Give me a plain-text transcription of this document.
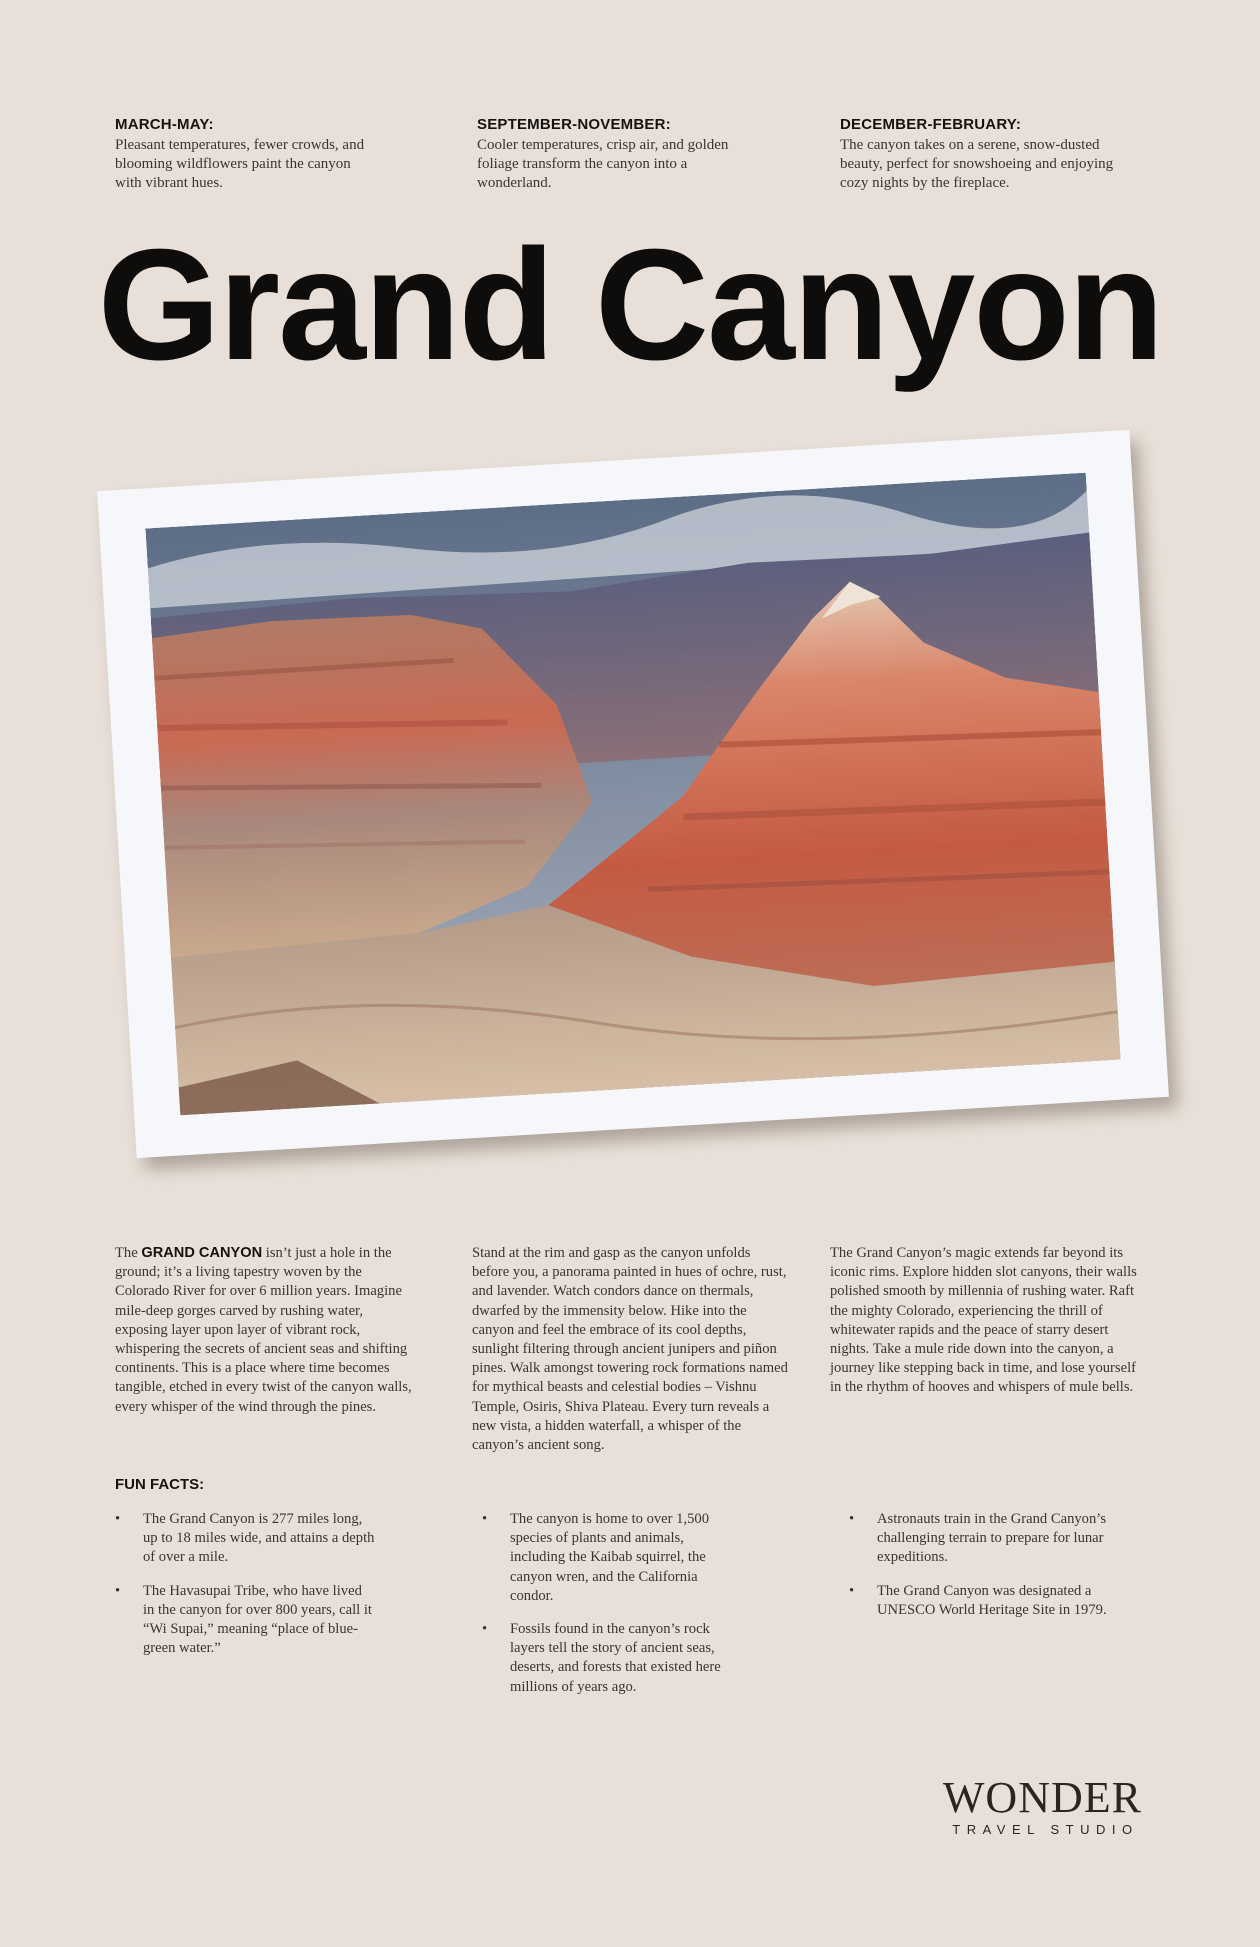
MARCH-MAY:
Pleasant temperatures, fewer crowds, and blooming wildflowers paint the canyon with vibrant hues.
SEPTEMBER-NOVEMBER:
Cooler temperatures, crisp air, and golden foliage transform the canyon into a wonderland.
DECEMBER-FEBRUARY:
The canyon takes on a serene, snow-dusted beauty, perfect for snowshoeing and enjoying cozy nights by the fireplace.
Grand Canyon
The GRAND CANYON isn’t just a hole in the ground; it’s a living tapestry woven by the Colorado River for over 6 million years. Imagine mile-deep gorges carved by rushing water, exposing layer upon layer of vibrant rock, whispering the secrets of ancient seas and shifting continents. This is a place where time becomes tangible, etched in every twist of the canyon walls, every whisper of the wind through the pines.
Stand at the rim and gasp as the canyon unfolds before you, a panorama painted in hues of ochre, rust, and lavender. Watch condors dance on thermals, dwarfed by the immensity below. Hike into the canyon and feel the embrace of its cool depths, sunlight filtering through ancient junipers and piñon pines. Walk amongst towering rock formations named for mythical beasts and celestial bodies – Vishnu Temple, Osiris, Shiva Plateau. Every turn reveals a new vista, a hidden waterfall, a whisper of the canyon’s ancient song.
The Grand Canyon’s magic extends far beyond its iconic rims. Explore hidden slot canyons, their walls polished smooth by millennia of rushing water. Raft the mighty Colorado, experiencing the thrill of whitewater rapids and the peace of starry desert nights. Take a mule ride down into the canyon, a journey like stepping back in time, and lose yourself in the rhythm of hooves and whispers of mule bells.
FUN FACTS:
• The Grand Canyon is 277 miles long, up to 18 miles wide, and attains a depth of over a mile.
• The Havasupai Tribe, who have lived in the canyon for over 800 years, call it “Wi Supai,” meaning “place of blue-green water.”
• The canyon is home to over 1,500 species of plants and animals, including the Kaibab squirrel, the canyon wren, and the California condor.
• Fossils found in the canyon’s rock layers tell the story of ancient seas, deserts, and forests that existed here millions of years ago.
• Astronauts train in the Grand Canyon’s challenging terrain to prepare for lunar expeditions.
• The Grand Canyon was designated a UNESCO World Heritage Site in 1979.
WONDER
TRAVEL STUDIO
